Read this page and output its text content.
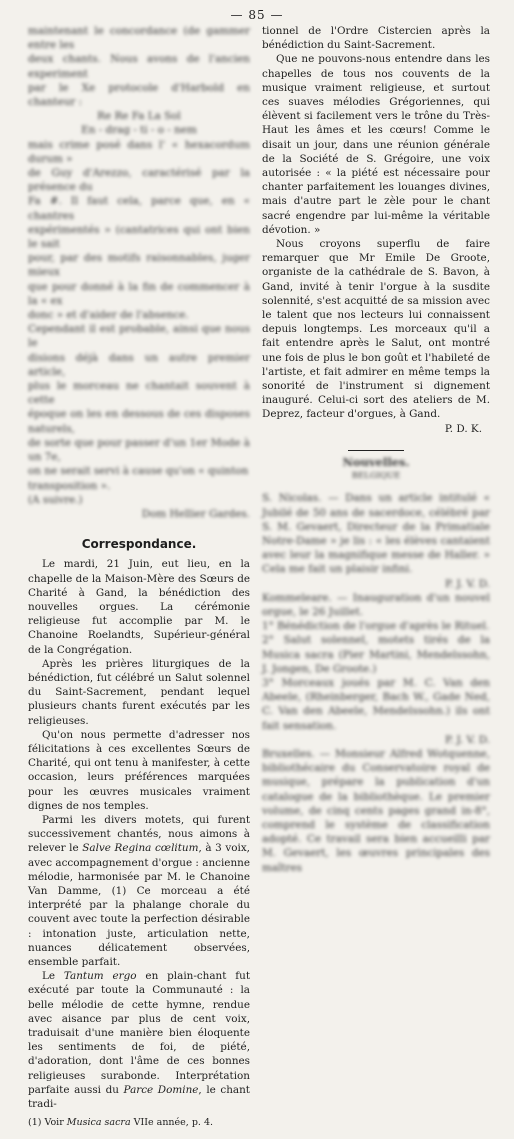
— 85 —

maintenant le concordance (de gammer entre les

deux chants. Nous avons de l'ancien experiment

par le Xe protocole d'Harbold en chanteur :

Re Re Fa La Sol

En - drag - ti - o - nem

mais crime posé dans l' « hexacordum durum »

de Guy d'Arezzo, caractérisé par la présence du

Fa #. Il faut cela, parce que, en « chantres

expérimentés » (cantatrices qui ont bien le sait

pour, par des motifs raisonnables, juger mieux

que pour donné à la fin de commencer à la « ex

donc » et d'aider de l'absence.

Cependant il est probable, ainsi que nous le

disions déjà dans un autre premier article,

plus le morceau ne chantait souvent à cette

époque on les en dessous de ces disposes naturels,

de sorte que pour passer d'un 1er Mode à un 7e,

on ne serait servi à cause qu'on « quinton

transposition ».

(A suivre.)

Dom Hellier Gardes.

Correspondance.

Le mardi, 21 Juin, eut lieu, en la chapelle de la Maison-Mère des Sœurs de Charité à Gand, la bénédiction des nouvelles orgues. La cérémonie religieuse fut accomplie par M. le Chanoine Roelandts, Supérieur-général de la Congrégation.

Après les prières liturgiques de la bénédiction, fut célébré un Salut solennel du Saint-Sacrement, pendant lequel plusieurs chants furent exécutés par les religieuses.

Qu'on nous permette d'adresser nos félicitations à ces excellentes Sœurs de Charité, qui ont tenu à manifester, à cette occasion, leurs préférences marquées pour les œuvres musicales vraiment dignes de nos temples.

Parmi les divers motets, qui furent successivement chantés, nous aimons à relever le Salve Regina cœlitum, à 3 voix, avec accompagnement d'orgue : ancienne mélodie, harmonisée par M. le Chanoine Van Damme, (1) Ce morceau a été interprété par la phalange chorale du couvent avec toute la perfection désirable : intonation juste, articulation nette, nuances délicatement observées, ensemble parfait.

Le Tantum ergo en plain-chant fut exécuté par toute la Communauté : la belle mélodie de cette hymne, rendue avec aisance par plus de cent voix, traduisait d'une manière bien éloquente les sentiments de foi, de piété, d'adoration, dont l'âme de ces bonnes religieuses surabonde. Interprétation parfaite aussi du Parce Domine, le chant tradi-

(1) Voir Musica sacra VIIe année, p. 4.

tionnel de l'Ordre Cistercien après la bénédiction du Saint-Sacrement.

Que ne pouvons-nous entendre dans les chapelles de tous nos couvents de la musique vraiment religieuse, et surtout ces suaves mélodies Grégoriennes, qui élèvent si facilement vers le trône du Très-Haut les âmes et les cœurs! Comme le disait un jour, dans une réunion générale de la Société de S. Grégoire, une voix autorisée : « la piété est nécessaire pour chanter parfaitement les louanges divines, mais d'autre part le zèle pour le chant sacré engendre par lui-même la véritable dévotion. »

Nous croyons superflu de faire remarquer que Mr Emile De Groote, organiste de la cathédrale de S. Bavon, à Gand, invité à tenir l'orgue à la susdite solennité, s'est acquitté de sa mission avec le talent que nos lecteurs lui connaissent depuis longtemps. Les morceaux qu'il a fait entendre après le Salut, ont montré une fois de plus le bon goût et l'habileté de l'artiste, et fait admirer en même temps la sonorité de l'instrument si dignement inauguré. Celui-ci sort des ateliers de M. Deprez, facteur d'orgues, à Gand.

P. D. K.

Nouvelles.

BELGIQUE

S. Nicolas. — Dans un article intitulé « Jubilé de 50 ans de sacerdoce, célébré par S. M. Gevaert, Directeur de la Primatiale Notre-Dame » je lis : « les élèves cantaient avec leur la magnifique messe de Haller. » Cela me fait un plaisir infini.

P. J. V. D.

Kommeleare. — Inauguration d'un nouvel orgue, le 26 Juillet.

1° Bénédiction de l'orgue d'après le Rituel.

2° Salut solennel, motets tirés de la Musica sacra (Pier Martini, Mendelssohn, J. Jongen, De Groote.)

3° Morceaux joués par M. C. Van den Abeele, (Rheinberger, Bach W., Gade Ned, C. Van den Abeele, Mendelssohn.) ils ont fait sensation.

P. J. V. D.

Bruxelles. — Monsieur Alfred Wotquenne, bibliothécaire du Conservatoire royal de musique, prépare la publication d'un catalogue de la bibliothèque. Le premier volume, de cinq cents pages grand in-8°, comprend le système de classification adopté. Ce travail sera bien accueilli par M. Gevaert, les œuvres principales des maîtres
